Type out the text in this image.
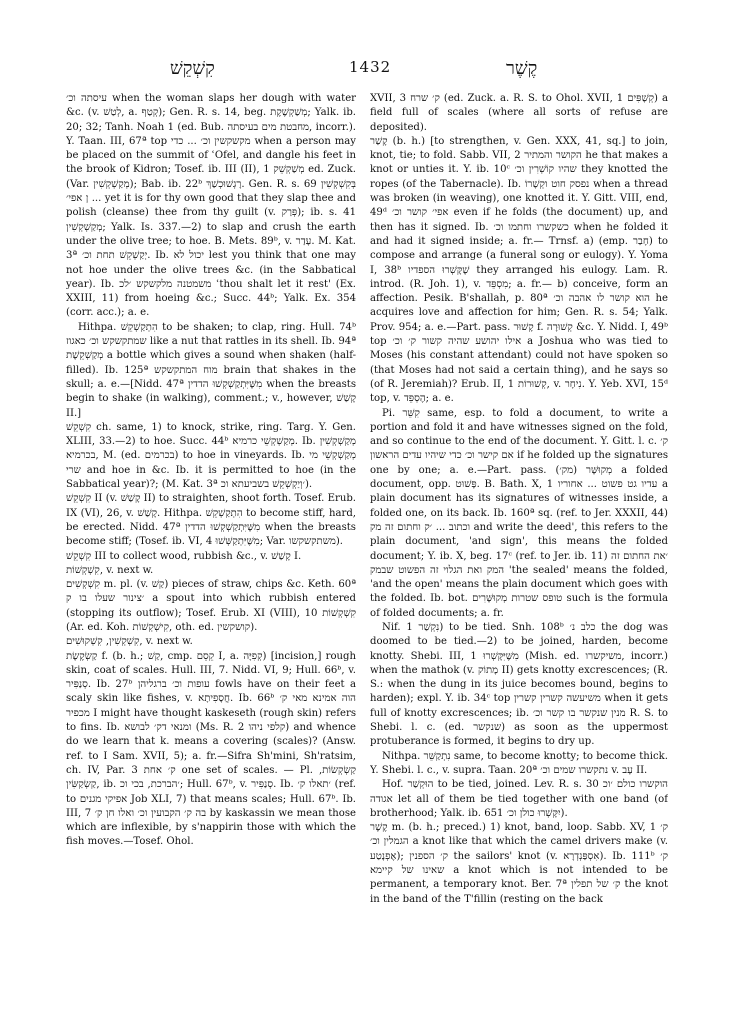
קִשְׁקֵשׁ	1432	קֶשֶׁר

עיסתה וכ׳ when the woman slaps her dough with water &c. (v. לְטַשׁ, a. קְטַף); Gen. R. s. 14, beg. מְשַׁקְשֶׁקֶת; Yalk. ib. 20; 32; Tanh. Noah 1 (ed. Bub. מחבטת מים בעיסתה, incorr.). Y. Taan. III, 67ª top מקשקשין וכ׳ ... כדי when a person may be placed on the summit of ʿOfel, and dangle his feet in the brook of Kidron; Tosef. ib. III (II), 1 מְשַׁקְשֵׁק ed. Zuck. (Var. מְקַשְׁקְשִׁין); Bab. ib. 22ᵇ רָגְשׁוּכְשַׁךְ. Gen. R. s. 69 בְּקִשְׁקְשִׁין ... ן אפי׳ yet it is for thy own good that they slap thee and polish (cleanse) thee from thy guilt (v. פְּרַק); ib. s. 41 מְקַשְׁקְשִׁין; Yalk. Is. 337.—2) to slap and crush the earth under the olive tree; to hoe. B. Mets. 89ᵇ, v. עָדַר. M. Kat. 3ª יְקַשְׁקֵשׁ תחת וכ׳. Ib. יכול לא lest you think that one may not hoe under the olive trees &c. (in the Sabbatical year). Ib. משמטנה מלקשקש ׳לכ ʿthou shalt let it rest' (Ex. XXIII, 11) from hoeing &c.; Succ. 44ᵇ; Yalk. Ex. 354 (corr. acc.); a. e.

Hithpa. הִתְקַשְׁקֵשׁ to be shaken; to clap, ring. Hull. 74ᵇ שמתקשקש וכ׳ כאגוז like a nut that rattles in its shell. Ib. 94ª מְקַשְׁקֵשֶׁת a bottle which gives a sound when shaken (half-filled). Ib. 125ª מוח המתקשקש brain that shakes in the skull; a. e.—[Nidd. 47ª מִשֶּׁיִּתְקַשְׁקְשׁוּ הדדין when the breasts begin to shake (in walking), comment.; v., however, קָשַׁשׁ II.]

קִשְׁקֵשׁ ch. same, 1) to knock, strike, ring. Targ. Y. Gen. XLIII, 33.—2) to hoe. Succ. 44ᵇ מְקַשְׁקְשֵׁי כרמיא. Ib. מְקַשְׁקְשִׁין בכרמיא, M. (ed. בכרמים) to hoe in vineyards. Ib. מְקַשְׁקְשֵׁי מי שרי and hoe in &c. Ib. it is permitted to hoe (in the Sabbatical year)?; (M. Kat. 3ª ׳וְיַקְשְׁקֵשׁ בשביעתא וכ).

קִשְׁקֵשׁ II (v. קָשַׁשׁ II) to straighten, shoot forth. Tosef. Erub. IX (VI), 26, v. קָשַׁשׁ. Hithpa. הִתְקַשְׁקֵשׁ to become stiff, hard, be erected. Nidd. 47ª מִשֶּׁיִּתְקַשְׁקְשׁוּ הדדין when the breasts become stiff; (Tosef. ib. VI, 4 מִשֶּׁיִּתְקַשְּׁשׁוּ; Var. משתקשקשו).

קִשְׁקֵשׁ III to collect wood, rubbish &c., v. קָשַׁשׁ I.

קִשְׁקְשׁוֹת, v. next w.

קִשְׁקְשִׁים m. pl. (v. קַשׁ) pieces of straw, chips &c. Keth. 60ª ׳צינור שעלו בו ק a spout into which rubbish entered (stopping its outflow); Tosef. Erub. XI (VIII), 10 קִשְׁקְשׁוֹת (Ar. ed. Koh. קִישְׁקְשׁוֹת, oth. ed. קושקשין).

קִשְׁקְשִׁין, קִשְׁקוּשִׁים, v. next w.

קַשְׂקֶשֶׂת f. (b. h.; קַשׁ, cmp. קֵסֵם I, a. קְפִיָּה) [incision,] rough skin, coat of scales. Hull. III, 7. Nidd. VI, 9; Hull. 66ᵇ, v. סְנַפִּיר. Ib. 27ᵇ עופות וכ׳ ברגליהן fowls have on their feet a scaly skin like fishes, v. חֲסָפִיתָא. Ib. 66ᵇ הוה אמינא מאי ק׳ מכפיר I might have thought kaskeseth (rough skin) refers to fins. Ib. ומנאי דק׳ לבושא (Ms. R. 2 קלפי ניהו) and whence do we learn that k. means a covering (scales)? (Answ. ref. to I Sam. XVII, 5); a. fr.—Sifra Sh'mini, Sh'ratsim, ch. IV, Par. 3 ק׳ אחת one set of scales. — Pl. קַשְׂקְשׂוֹת, קַשְׂקַשִּׂין, ib. ׳הברכת, בכי וכ; Hull. 67ᵇ, v. סְנַפִּיר. Ib. ׳תאלו ק׳ (ref. to אפיקי מגנים Job XLI, 7) that means scales; Hull. 67ᵇ. Ib. III, 7 בה ק׳ הקבועין וכ׳ ואלו חן ק׳ by kaskassin we mean those which are inflexible, by s'nappirin those with which the fish moves.—Tosef. Ohol.

XVII, 3 ק׳ שרח (ed. Zuck. a. R. S. to Ohol. XVII, 1 קְשָׁפִּים) a field full of scales (where all sorts of refuse are deposited).

קָשַׁר (b. h.) [to strengthen, v. Gen. XXX, 41, sq.] to join, knot, tie; to fold. Sabb. VII, 2 הקושר והמתיר he that makes a knot or unties it. Y. ib. 10ᶜ שהיו קוֹשְׁרִין וכ׳ they knotted the ropes (of the Tabernacle). Ib. נפסק חוט וקְשָׁרוֹ when a thread was broken (in weaving), one knotted it. Y. Gitt. VIII, end, 49ᵈ אפי׳ קושר וכ׳ even if he folds (the document) up, and then has it signed. Ib. כשקשרו וחתמו וכ׳ when he folded it and had it signed inside; a. fr.— Trnsf. a) (emp. חָבַר) to compose and arrange (a funeral song or eulogy). Y. Yoma I, 38ᵇ שֶׁקָּשְׁרוּ הספדיו they arranged his eulogy. Lam. R. introd. (R. Joh. 1), v. מִסְפֵּד; a. fr.— b) conceive, form an affection. Pesik. B'shallah, p. 80ª הוא קושר לו אהבה וכ׳ he acquires love and affection for him; Gen. R. s. 54; Yalk. Prov. 954; a. e.—Part. pass. קָשׁוּר f. קְשׁוּרָה &c. Y. Nidd. I, 49ᵇ top אילו יהושע שהיה קשור ק׳ וכ׳ a Joshua who was tied to Moses (his constant attendant) could not have spoken so (that Moses had not said a certain thing), and he says so (of R. Jeremiah)? Erub. II, 1 קְשׁוּרוֹת, v. נִיחָר. Y. Yeb. XVI, 15ᵈ top, v. הֶסְפֵּד; a. e.

Pi. קִשֵּׁר same, esp. to fold a document, to write a portion and fold it and have witnesses signed on the fold, and so continue to the end of the document. Y. Gitt. l. c. ק׳ אם קישר וכ׳ כדי שיהיו עדים הראשון if he folded up the signatures one by one; a. e.—Part. pass. מְקוּשָּׁר (מק׳) a folded document, opp. פָּשׁוּט. B. Bath. X, 1 עדיו גט פשוט ... אחוריו a plain document has its signatures of witnesses inside, a folded one, on its back. Ib. 160ª sq. (ref. to Jer. XXXII, 44) וכתוב ... ׳ק וחתום זה מק and write the deed', this refers to the plain document, 'and sign', this means the folded document; Y. ib. X, beg. 17ᶜ (ref. to Jer. ib. 11) ׳את החתום זה המק ואת הגלוי זה הפשוט שבמק 'the sealed' means the folded, 'and the open' means the plain document which goes with the folded. Ib. bot. טופס שטרות מְקוּשָּׁרִים such is the formula of folded documents; a. fr.

Nif. נִקְשַׁר 1) to be tied. Snh. 108ᵇ כלב נ׳ the dog was doomed to be tied.—2) to be joined, harden, become knotty. Shebi. III, 1 מִשֶּׁיִּקָּשְׁרוּ (Mish. ed. משיקשרו, incorr.) when the mathok (v. מָתוֹק II) gets knotty excrescences; (R. S.: when the dung in its juice becomes bound, begins to harden); expl. Y. ib. 34ᶜ top משיעשה קשרין קשרין when it gets full of knotty excrescences; ib. מנין שנקשר בו קשר וכ׳ R. S. to Shebi. l. c. (ed. שנקשר) as soon as the uppermost protuberance is formed, it begins to dry up.

Nithpa. נִתְקַשֵּׁר same, to become knotty; to become thick. Y. Shebi. l. c., v. supra. Taan. 20ª נתקשרו שמים וכ׳ v. עָב II.

Hof. הוּקְשַׁר to be tied, joined. Lev. R. s. 30 הוקשרו כולם ׳וכ אגודה let all of them be tied together with one band (of brotherhood; Yalk. ib. 651 יִקָּשְׁרוּ כולן וכ׳).

קֶשֶׁר m. (b. h.; preced.) 1) knot, band, loop. Sabb. XV, 1 ק׳ הגמלין וכ׳ a knot like that which the camel drivers make (v. אֶפְנָטַע); ק׳ הספנין the sailors' knot (v. אִסְפַּנְדְרָא). Ib. 111ᵇ ק׳ שאינו של קיימא a knot which is not intended to be permanent, a temporary knot. Ber. 7ª ק׳ של תפלין the knot in the band of the T'fillin (resting on the back
